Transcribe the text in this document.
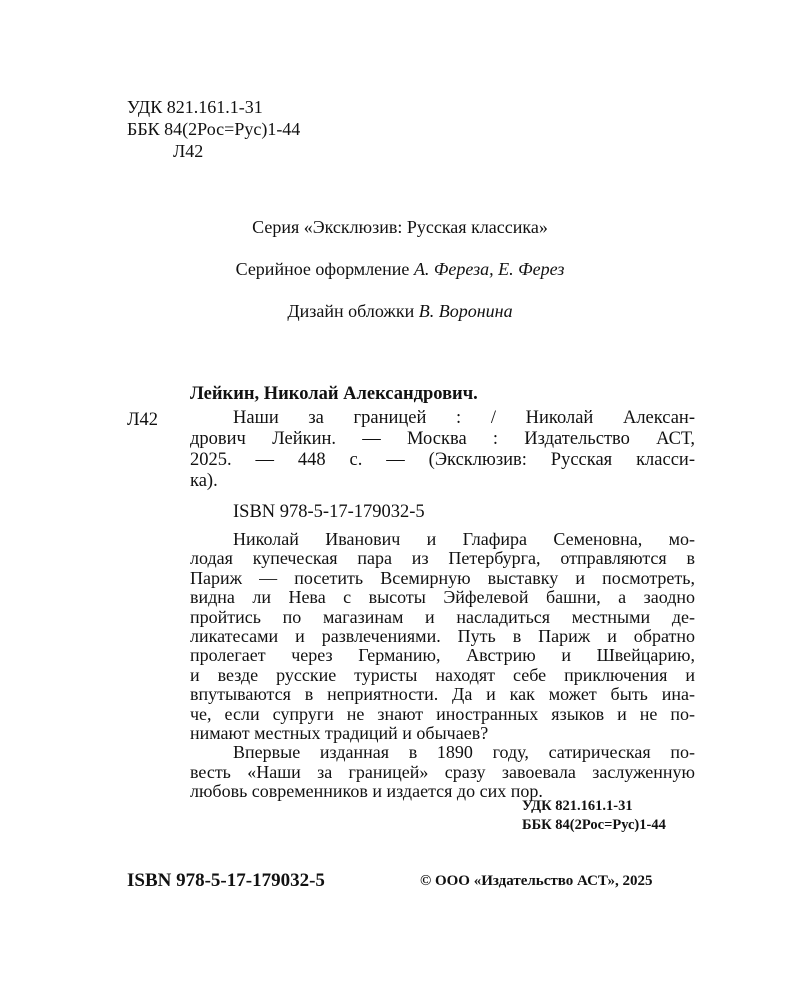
УДК 821.161.1-31
ББК 84(2Рос=Рус)1-44
Л42
Серия «Эксклюзив: Русская классика»
Серийное оформление А. Фереза, Е. Ферез
Дизайн обложки В. Воронина
Лейкин, Николай Александрович.
Л42	Наши за границей : / Николай Алексан-
дрович Лейкин. — Москва : Издательство АСТ,
2025. — 448 с. — (Эксклюзив: Русская класси-
ка).
ISBN 978-5-17-179032-5
Николай Иванович и Глафира Семеновна, мо-
лодая купеческая пара из Петербурга, отправляются в
Париж — посетить Всемирную выставку и посмотреть,
видна ли Нева с высоты Эйфелевой башни, а заодно
пройтись по магазинам и насладиться местными де-
ликатесами и развлечениями. Путь в Париж и обратно
пролегает через Германию, Австрию и Швейцарию,
и везде русские туристы находят себе приключения и
впутываются в неприятности. Да и как может быть ина-
че, если супруги не знают иностранных языков и не по-
нимают местных традиций и обычаев?
Впервые изданная в 1890 году, сатирическая по-
весть «Наши за границей» сразу завоевала заслуженную
любовь современников и издается до сих пор.
УДК 821.161.1-31
ББК 84(2Рос=Рус)1-44
ISBN 978-5-17-179032-5	© ООО «Издательство АСТ», 2025
